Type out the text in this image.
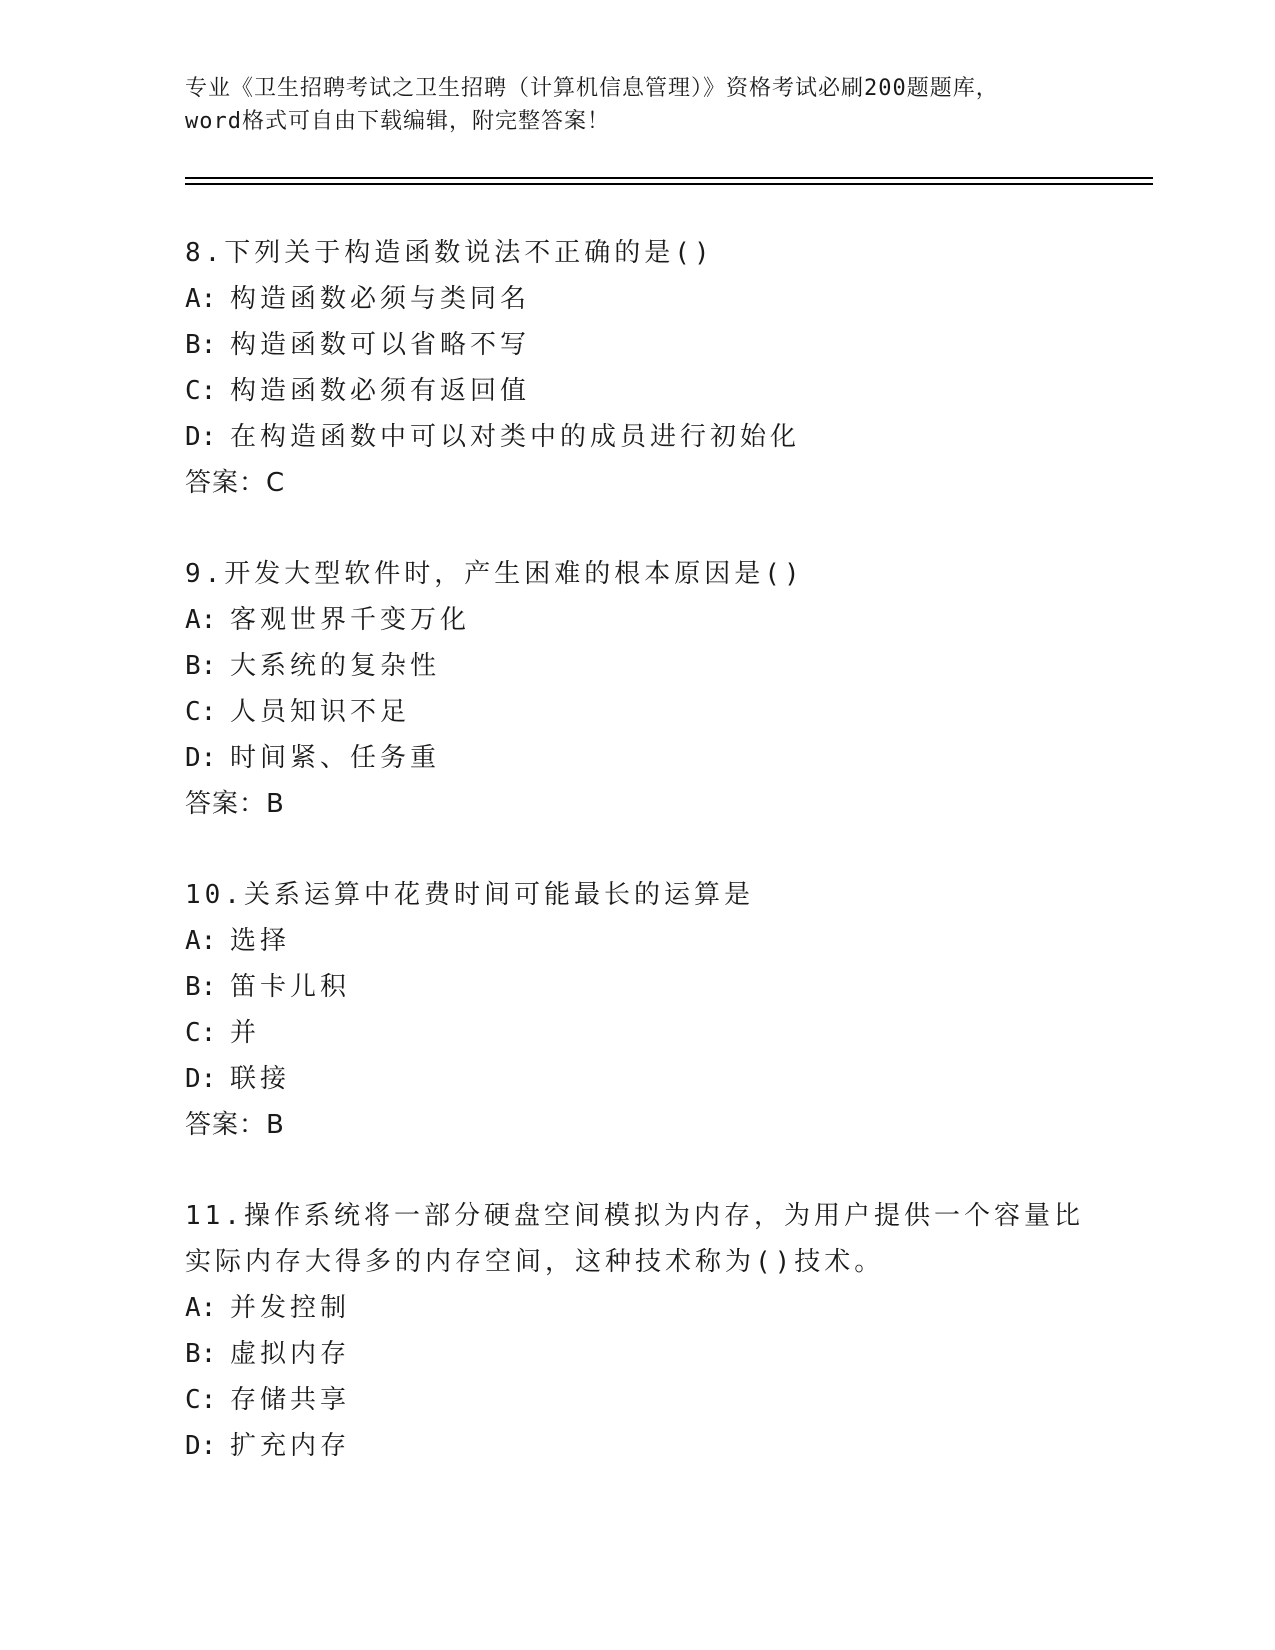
专业《卫生招聘考试之卫生招聘（计算机信息管理）》资格考试必刷200题题库，

word格式可自由下载编辑，附完整答案！

8.下列关于构造函数说法不正确的是()
A: 构造函数必须与类同名
B: 构造函数可以省略不写
C: 构造函数必须有返回值
D: 在构造函数中可以对类中的成员进行初始化
答案：C
9.开发大型软件时，产生困难的根本原因是()
A: 客观世界千变万化
B: 大系统的复杂性
C: 人员知识不足
D: 时间紧、任务重
答案：B
10.关系运算中花费时间可能最长的运算是
A: 选择
B: 笛卡儿积
C: 并
D: 联接
答案：B
11.操作系统将一部分硬盘空间模拟为内存，为用户提供一个容量比实际内存大得多的内存空间，这种技术称为()技术。
A: 并发控制
B: 虚拟内存
C: 存储共享
D: 扩充内存
